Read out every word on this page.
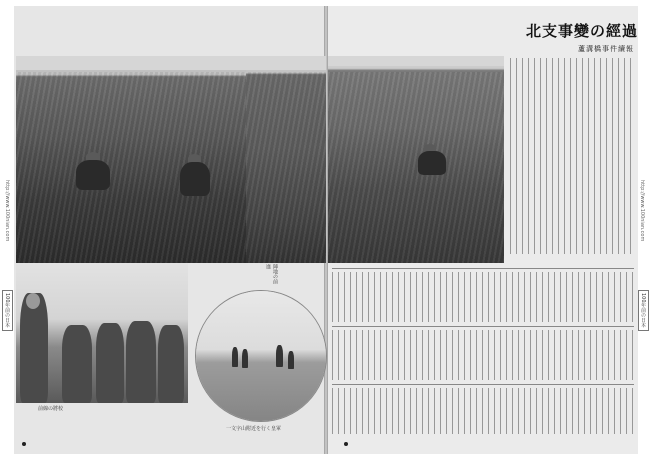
前線の將校
陣地の前進
一文字山附近を行く皇軍
北支事變の經過
蘆溝橋事件續報
http://www.100nian.com
100年前の日本
http://www.100nian.com
100年前の日本
